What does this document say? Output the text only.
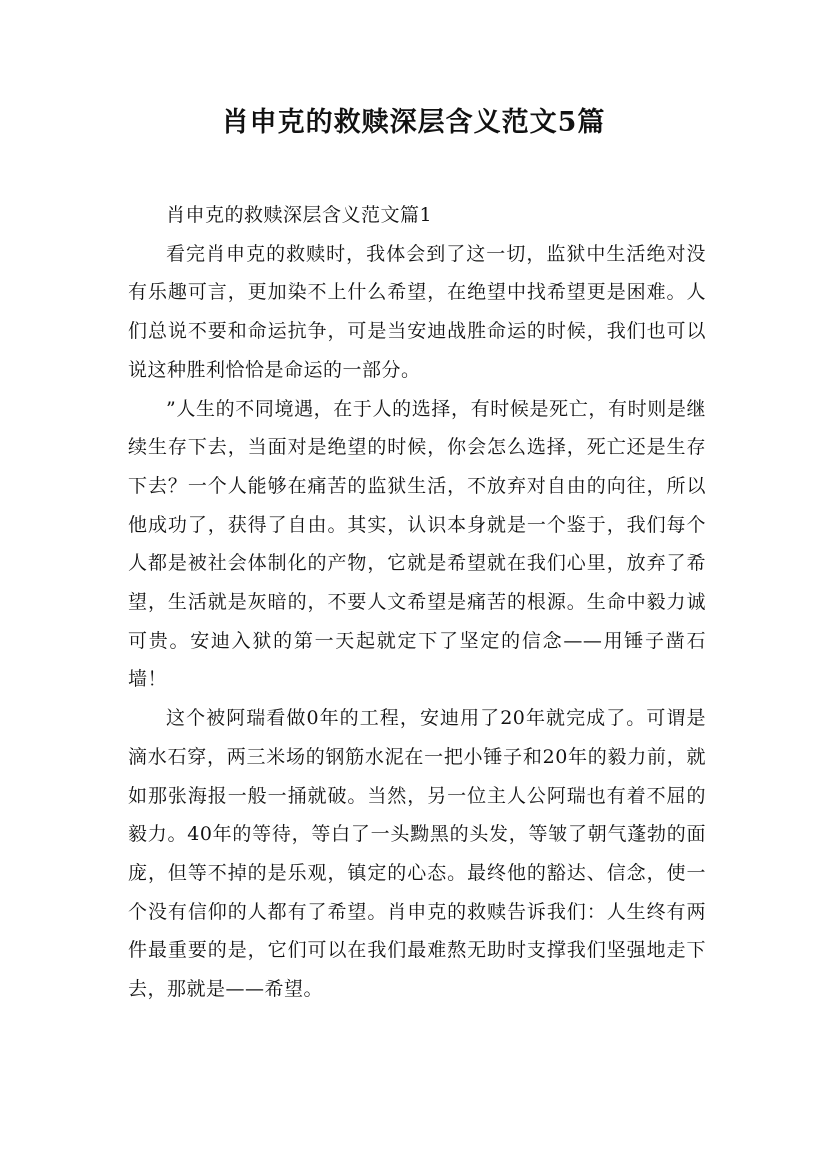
肖申克的救赎深层含义范文5篇

肖申克的救赎深层含义范文篇1

看完肖申克的救赎时，我体会到了这一切，监狱中生活绝对没有乐趣可言，更加染不上什么希望，在绝望中找希望更是困难。人们总说不要和命运抗争，可是当安迪战胜命运的时候，我们也可以说这种胜利恰恰是命运的一部分。

”人生的不同境遇，在于人的选择，有时候是死亡，有时则是继续生存下去，当面对是绝望的时候，你会怎么选择，死亡还是生存下去？一个人能够在痛苦的监狱生活，不放弃对自由的向往，所以他成功了，获得了自由。其实，认识本身就是一个鉴于，我们每个人都是被社会体制化的产物，它就是希望就在我们心里，放弃了希望，生活就是灰暗的，不要人文希望是痛苦的根源。生命中毅力诚可贵。安迪入狱的第一天起就定下了坚定的信念——用锤子凿石墙！

这个被阿瑞看做0年的工程，安迪用了20年就完成了。可谓是滴水石穿，两三米场的钢筋水泥在一把小锤子和20年的毅力前，就如那张海报一般一捅就破。当然，另一位主人公阿瑞也有着不屈的毅力。40年的等待，等白了一头黝黑的头发，等皱了朝气蓬勃的面庞，但等不掉的是乐观，镇定的心态。最终他的豁达、信念，使一个没有信仰的人都有了希望。肖申克的救赎告诉我们：人生终有两件最重要的是，它们可以在我们最难熬无助时支撑我们坚强地走下去，那就是——希望。
